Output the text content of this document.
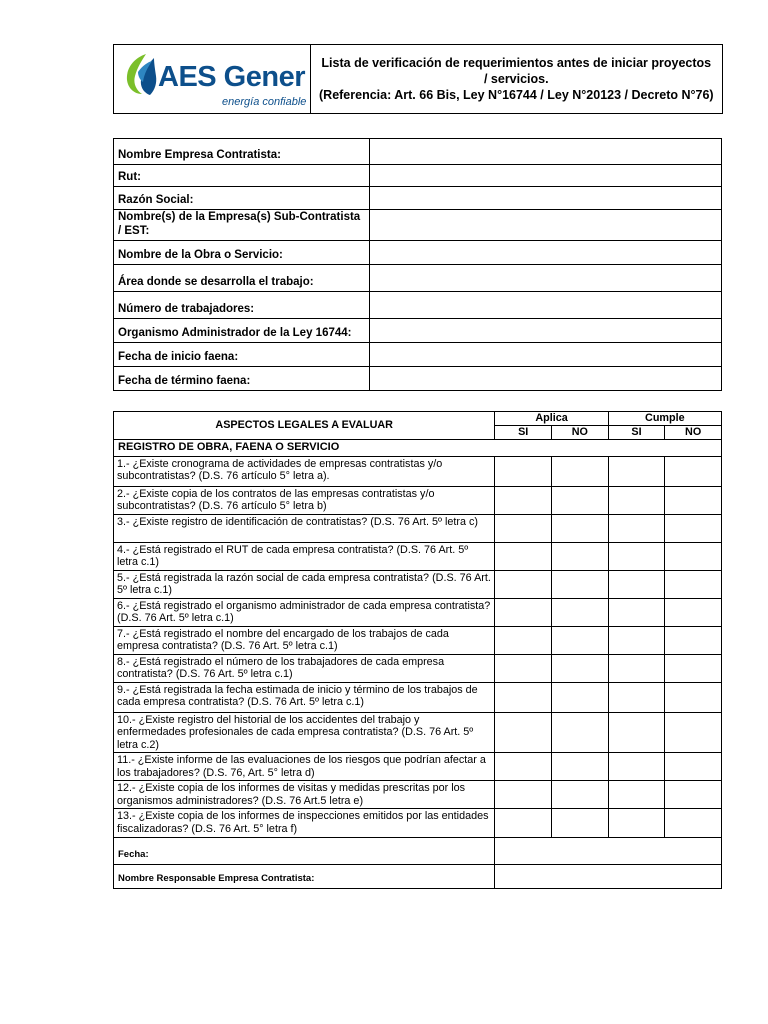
AES Gener
energía confiable

Lista de verificación de requerimientos antes de iniciar proyectos
/ servicios.
(Referencia: Art. 66 Bis, Ley N°16744 / Ley N°20123 / Decreto N°76)
Nombre Empresa Contratista:	
Rut:	
Razón Social:	
Nombre(s) de la Empresa(s) Sub-Contratista / EST:	
Nombre de la Obra o Servicio:	
Área donde se desarrolla el trabajo:	
Número de trabajadores:	
Organismo Administrador de la Ley 16744:	
Fecha de inicio faena:	
Fecha de término faena:	
ASPECTOS LEGALES A EVALUAR	Aplica		Cumple	
	SI	NO	SI	NO
REGISTRO DE OBRA, FAENA O SERVICIO				
1.- ¿Existe cronograma de actividades de empresas contratistas y/o subcontratistas? (D.S. 76 artículo 5° letra a).				
2.- ¿Existe copia de los contratos de las empresas contratistas y/o subcontratistas? (D.S. 76 artículo 5° letra b)				
3.- ¿Existe registro de identificación de contratistas? (D.S. 76 Art. 5º letra c)				
4.- ¿Está registrado el RUT de cada empresa contratista? (D.S. 76 Art. 5º letra c.1)				
5.- ¿Está registrada la razón social de cada empresa contratista? (D.S. 76 Art. 5º letra c.1)				
6.- ¿Está registrado el organismo administrador de cada empresa contratista? (D.S. 76 Art. 5º letra c.1)				
7.- ¿Está registrado el nombre del encargado de los trabajos de cada empresa contratista? (D.S. 76 Art. 5º letra c.1)				
8.- ¿Está registrado el número de los trabajadores de cada empresa contratista? (D.S. 76 Art. 5º letra c.1)				
9.- ¿Está registrada la fecha estimada de inicio y término de los trabajos de cada empresa contratista? (D.S. 76 Art. 5º letra c.1)				
10.- ¿Existe registro del historial de los accidentes del trabajo y enfermedades profesionales de cada empresa contratista? (D.S. 76 Art. 5º letra c.2)				
11.- ¿Existe informe de las evaluaciones de los riesgos que podrían afectar a los trabajadores? (D.S. 76, Art. 5° letra d)				
12.- ¿Existe copia de los informes de visitas y medidas prescritas por los organismos administradores? (D.S. 76 Art.5 letra e)				
13.- ¿Existe copia de los informes de inspecciones emitidos por las entidades fiscalizadoras? (D.S. 76 Art. 5° letra f)				
Fecha:				
Nombre Responsable Empresa Contratista:				
